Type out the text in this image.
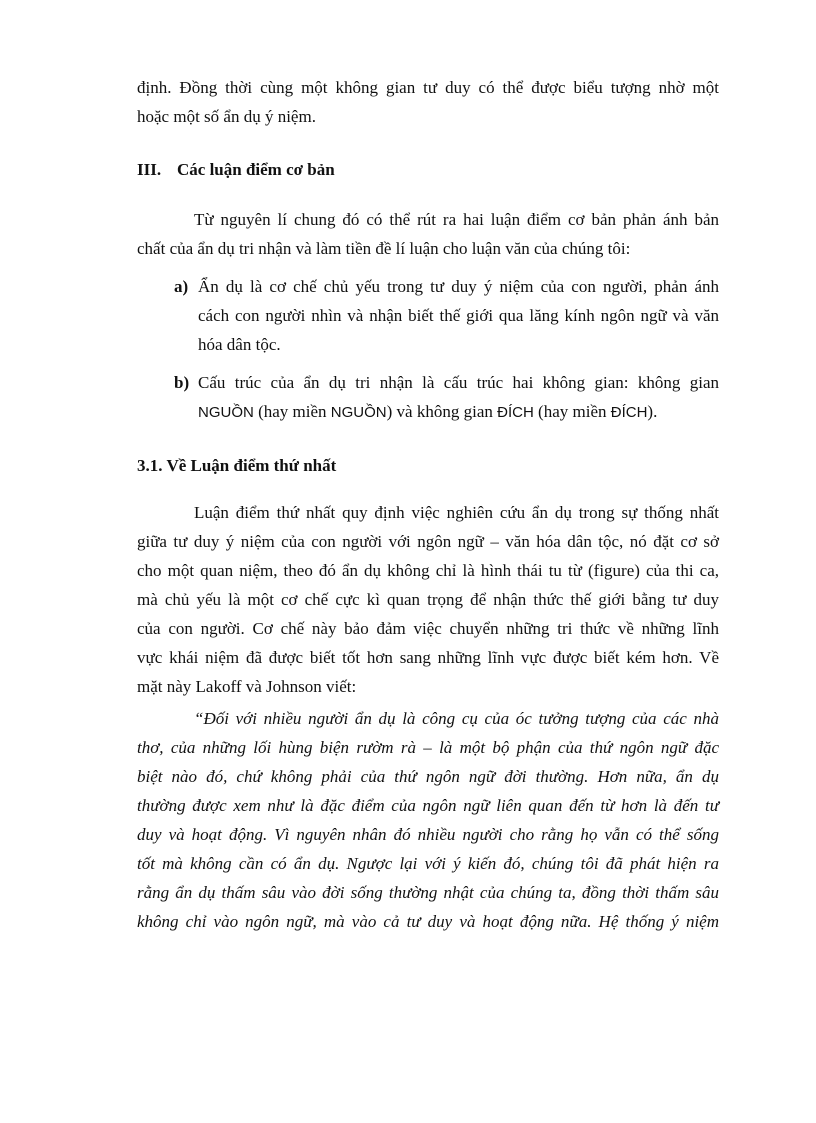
định. Đồng thời cùng một không gian tư duy có thể được biểu tượng nhờ một
hoặc một số ẩn dụ ý niệm.
III. Các luận điểm cơ bản
Từ nguyên lí chung đó có thể rút ra hai luận điểm cơ bản phản ánh bản
chất của ẩn dụ tri nhận và làm tiền đề lí luận cho luận văn của chúng tôi:
a) Ẩn dụ là cơ chế chủ yếu trong tư duy ý niệm của con người, phản ánh
cách con người nhìn và nhận biết thế giới qua lăng kính ngôn ngữ và văn
hóa dân tộc.
b) Cấu trúc của ẩn dụ tri nhận là cấu trúc hai không gian: không gian
NGUỒN (hay miền NGUỒN) và không gian ĐÍCH (hay miền ĐÍCH).
3.1. Về Luận điểm thứ nhất
Luận điểm thứ nhất quy định việc nghiên cứu ẩn dụ trong sự thống nhất
giữa tư duy ý niệm của con người với ngôn ngữ – văn hóa dân tộc, nó đặt cơ sở
cho một quan niệm, theo đó ẩn dụ không chỉ là hình thái tu từ (figure) của thi ca,
mà chủ yếu là một cơ chế cực kì quan trọng để nhận thức thế giới bằng tư duy
của con người. Cơ chế này bảo đảm việc chuyển những tri thức về những lĩnh
vực khái niệm đã được biết tốt hơn sang những lĩnh vực được biết kém hơn. Về
mặt này Lakoff và Johnson viết:
“Đối với nhiều người ẩn dụ là công cụ của óc tưởng tượng của các nhà
thơ, của những lối hùng biện rườm rà – là một bộ phận của thứ ngôn ngữ đặc
biệt nào đó, chứ không phải của thứ ngôn ngữ đời thường. Hơn nữa, ẩn dụ
thường được xem như là đặc điểm của ngôn ngữ liên quan đến từ hơn là đến tư
duy và hoạt động. Vì nguyên nhân đó nhiều người cho rằng họ vẫn có thể sống
tốt mà không cần có ẩn dụ. Ngược lại với ý kiến đó, chúng tôi đã phát hiện ra
rằng ẩn dụ thấm sâu vào đời sống thường nhật của chúng ta, đồng thời thấm sâu
không chỉ vào ngôn ngữ, mà vào cả tư duy và hoạt động nữa. Hệ thống ý niệm
